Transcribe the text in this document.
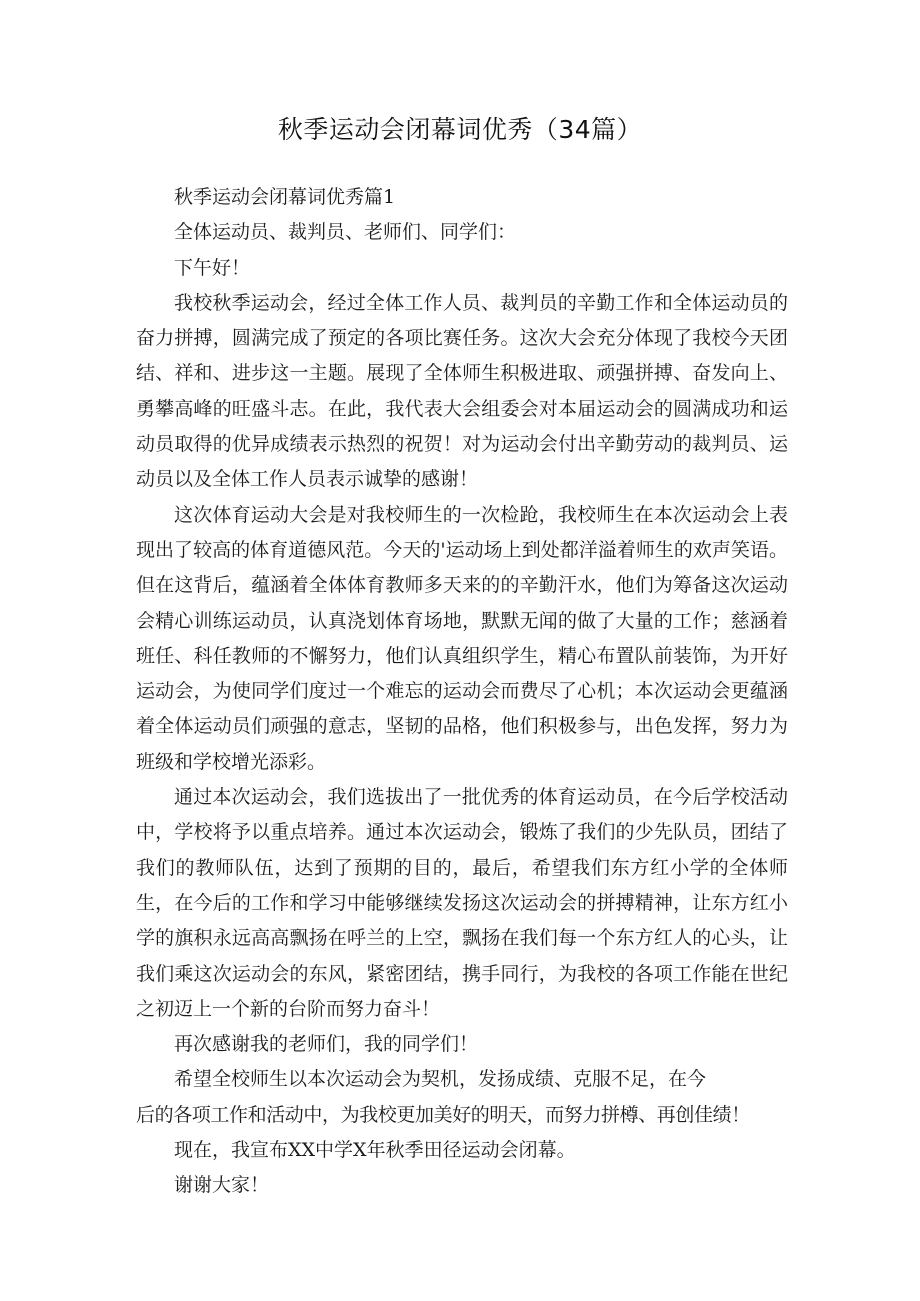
秋季运动会闭幕词优秀（34篇）

秋季运动会闭幕词优秀篇1

全体运动员、裁判员、老师们、同学们：

下午好！

我校秋季运动会，经过全体工作人员、裁判员的辛勤工作和全体运动员的奋力拼搏，圆满完成了预定的各项比赛任务。这次大会充分体现了我校今天团结、祥和、进步这一主题。展现了全体师生积极进取、顽强拼搏、奋发向上、勇攀高峰的旺盛斗志。在此，我代表大会组委会对本届运动会的圆满成功和运动员取得的优异成绩表示热烈的祝贺！对为运动会付出辛勤劳动的裁判员、运动员以及全体工作人员表示诚挚的感谢！

这次体育运动大会是对我校师生的一次检跄，我校师生在本次运动会上表现出了较高的体育道德风范。今天的'运动场上到处都洋溢着师生的欢声笑语。但在这背后，蕴涵着全体体育教师多天来的的辛勤汗水，他们为筹备这次运动会精心训练运动员，认真浇划体育场地，默默无闻的做了大量的工作；慈涵着班任、科任教师的不懈努力，他们认真组织学生，精心布置队前装饰，为开好运动会，为使同学们度过一个难忘的运动会而费尽了心机；本次运动会更蕴涵着全体运动员们顽强的意志，坚韧的品格，他们积极参与，出色发挥，努力为班级和学校增光添彩。

通过本次运动会，我们选拔出了一批优秀的体育运动员，在今后学校活动中，学校将予以重点培养。通过本次运动会，锻炼了我们的少先队员，团结了我们的教师队伍，达到了预期的目的，最后，希望我们东方红小学的全体师生，在今后的工作和学习中能够继续发扬这次运动会的拼搏精神，让东方红小学的旗积永远高高飘扬在呼兰的上空，飘扬在我们每一个东方红人的心头，让我们乘这次运动会的东风，紧密团结，携手同行，为我校的各项工作能在世纪之初迈上一个新的台阶而努力奋斗！

再次感谢我的老师们，我的同学们！

希望全校师生以本次运动会为契机，发扬成绩、克服不足，在今
后的各项工作和活动中，为我校更加美好的明天，而努力拼樽、再创佳绩！

现在，我宣布XX中学X年秋季田径运动会闭幕。

谢谢大家！
